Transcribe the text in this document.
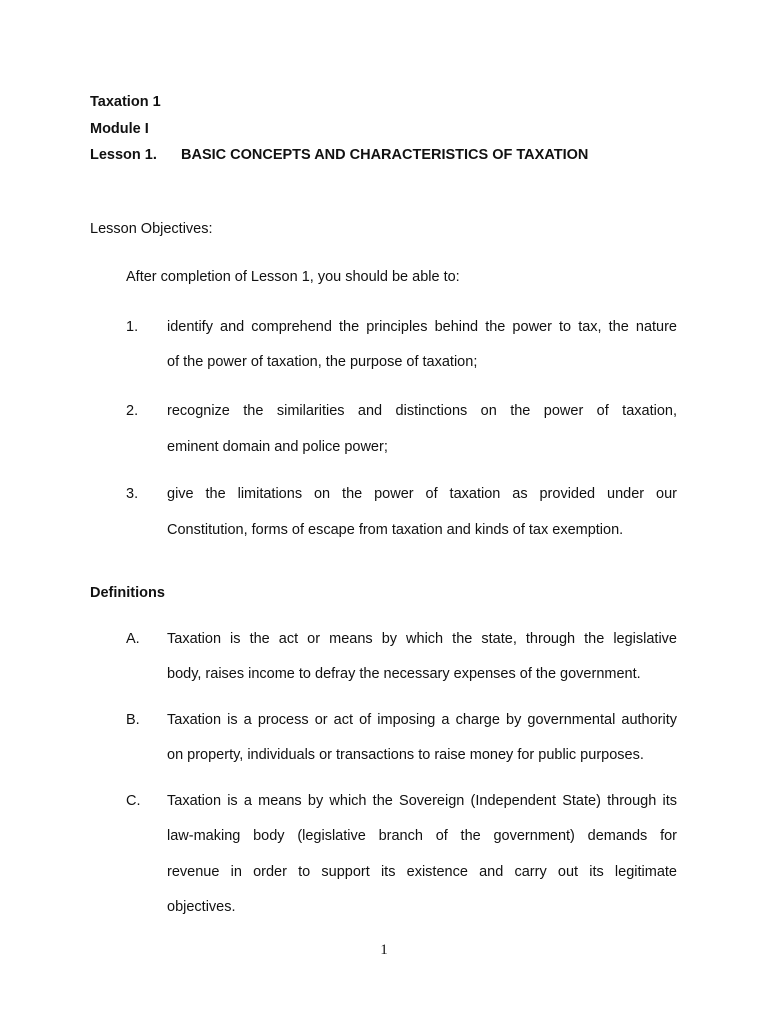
Taxation 1
Module I
Lesson 1. BASIC CONCEPTS AND CHARACTERISTICS OF TAXATION
Lesson Objectives:
After completion of Lesson 1, you should be able to:
1. identify and comprehend the principles behind the power to tax, the nature
of the power of taxation, the purpose of taxation;
2. recognize the similarities and distinctions on the power of taxation,
eminent domain and police power;
3. give the limitations on the power of taxation as provided under our
Constitution, forms of escape from taxation and kinds of tax exemption.
Definitions
A. Taxation is the act or means by which the state, through the legislative
body, raises income to defray the necessary expenses of the government.
B. Taxation is a process or act of imposing a charge by governmental authority
on property, individuals or transactions to raise money for public purposes.
C. Taxation is a means by which the Sovereign (Independent State) through its
law-making body (legislative branch of the government) demands for
revenue in order to support its existence and carry out its legitimate
objectives.
1
